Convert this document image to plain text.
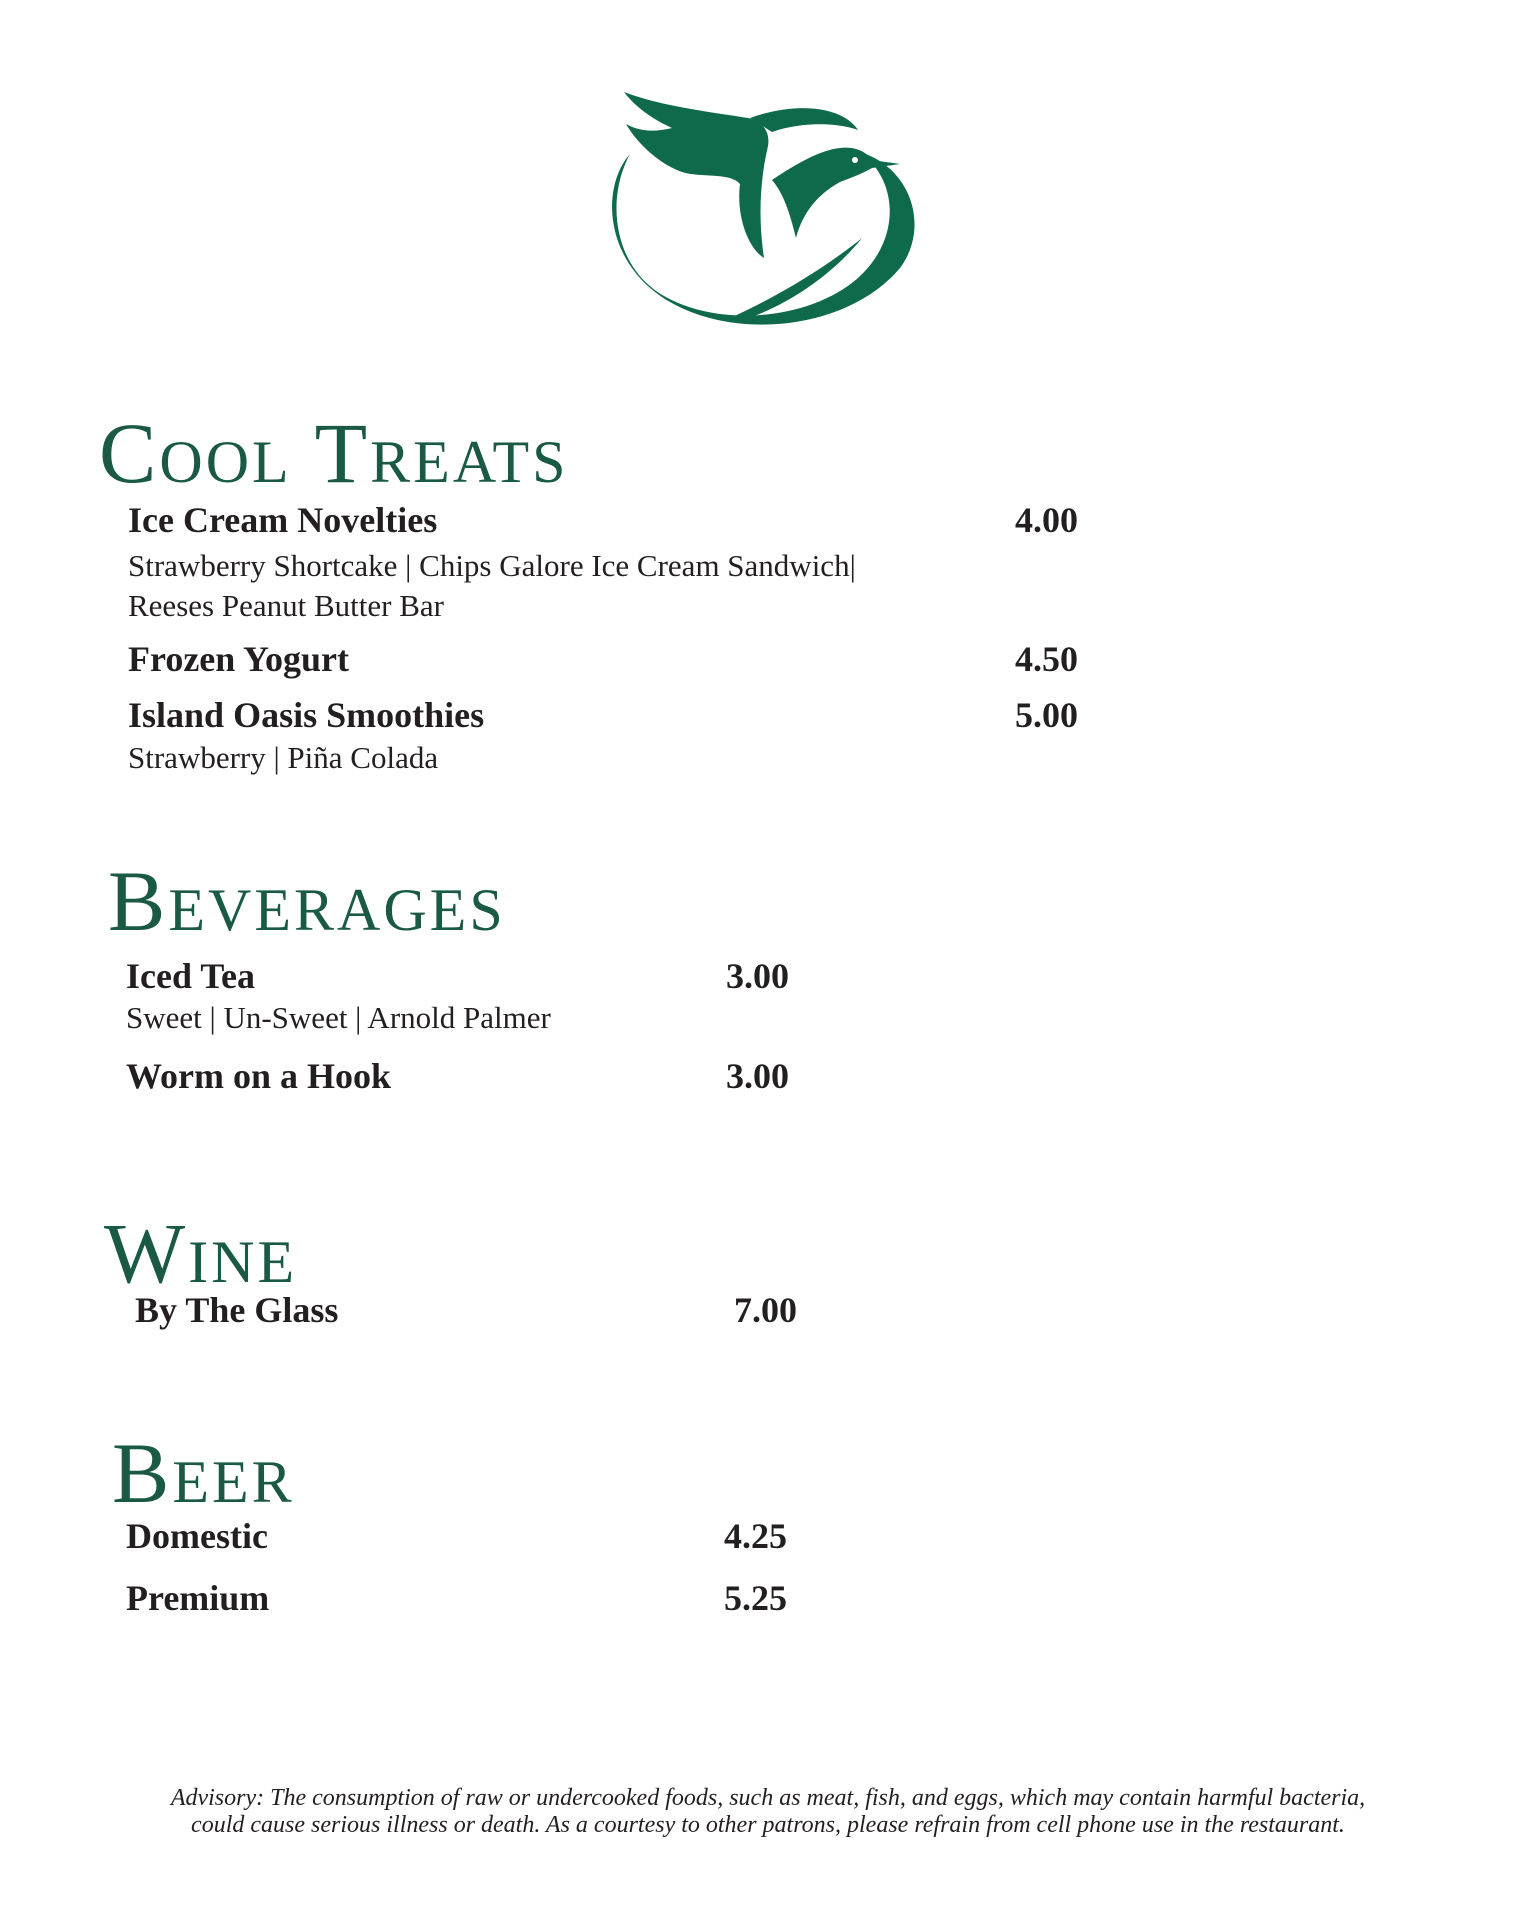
Cool Treats
Ice Cream Novelties	4.00
Strawberry Shortcake | Chips Galore Ice Cream Sandwich|
Reeses Peanut Butter Bar
Frozen Yogurt	4.50
Island Oasis Smoothies	5.00
Strawberry | Piña Colada
Beverages
Iced Tea	3.00
Sweet | Un-Sweet | Arnold Palmer
Worm on a Hook	3.00
Wine
By The Glass	7.00
Beer
Domestic	4.25
Premium	5.25

Advisory: The consumption of raw or undercooked foods, such as meat, fish, and eggs, which may contain harmful bacteria,
could cause serious illness or death. As a courtesy to other patrons, please refrain from cell phone use in the restaurant.
